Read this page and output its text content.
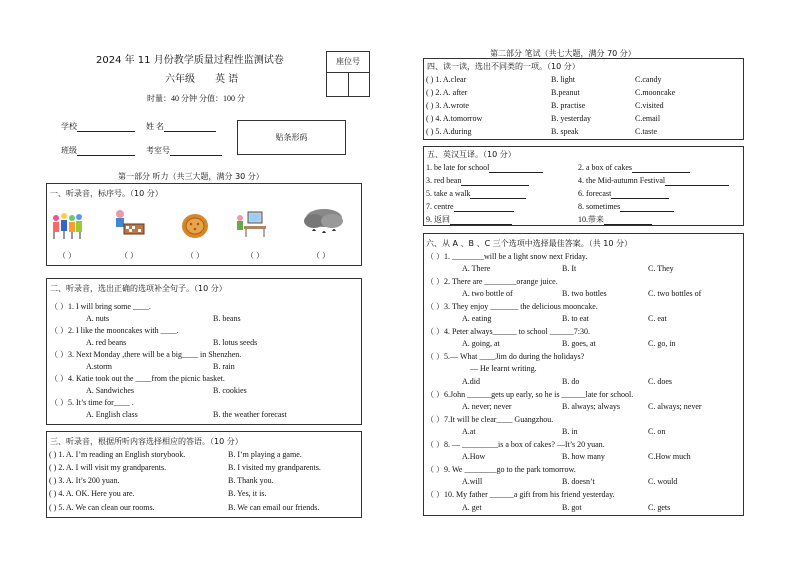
2024 年 11 月份教学质量过程性监测试卷
六年级 英 语
时量：40 分钟 分值：100 分
座位号
学校	姓 名
班级	考室号
贴条形码
第一部分 听力（共三大题，满分 30 分）
一、听录音，标序号。（10 分）
（ ）	（ ）	（ ）	（ ）	（ ）
二、听录音，选出正确的选项补全句子。（10 分）
（ ）1. I will bring some ____.
A. nuts	B. beans
（ ）2. I like the mooncakes with ____.
A. red beans	B. lotus seeds
（ ）3. Next Monday ,there will be a big____ in Shenzhen.
A.storm	B. rain
（ ）4. Katie took out the ____from the picnic basket.
A. Sandwiches	B. cookies
（ ）5. It’s time for____ .
A. English class	B. the weather forecast
三、听录音，根据所听内容选择相应的答语。（10 分）
( ) 1. A. I’m reading an English storybook.	B. I’m playing a game.
( ) 2. A. I will visit my grandparents.	B. I visited my grandparents.
( ) 3. A. It’s 200 yuan.	B. Thank you.
( ) 4. A. OK. Here you are.	B. Yes, it is.
( ) 5. A. We can clean our rooms.	B. We can email our friends.
第二部分 笔试（共七大题，满分 70 分）
四、读一读，选出不同类的一项。（10 分）
( ) 1. A.clear	B. light	C.candy
( ) 2. A. after	B.peanut	C.mooncake
( ) 3. A.wrote	B. practise	C.visited
( ) 4. A.tomorrow	B. yesterday	C.email
( ) 5. A.during	B. speak	C.taste
五、英汉互译。（10 分）
1. be late for school	2. a box of cakes
3. red bean	4. the Mid-autumn Festival
5. take a walk	6. forecast
7. centre	8. sometimes
9. 返回	10.带来
六、从 A 、B 、C 三个选项中选择最佳答案。（共 10 分）
（ ）1. ________will be a light snow next Friday.
A. There	B. It	C. They
（ ）2. There are ________orange juice.
A. two bottle of	B. two bottles	C. two bottles of
（ ）3. They enjoy _______ the delicious mooncake.
A. eating	B. to eat	C. eat
（ ）4. Peter always______ to school ______7:30.
A. going, at	B. goes, at	C. go, in
（ ）5.— What ____Jim do during the holidays?
— He learnt writing.
A.did	B. do	C. does
（ ）6.John ______gets up early, so he is ______late for school.
A. never; never	B. always; always	C. always; never
（ ）7.It will be clear____ Guangzhou.
A.at	B. in	C. on
（ ）8. — _________is a box of cakes? —It’s 20 yuan.
A.How	B. how many	C.How much
（ ）9. We ________go to the park tomorrow.
A.will	B. doesn’t	C. would
（ ）10. My father ______a gift from his friend yesterday.
A. get	B. got	C. gets
